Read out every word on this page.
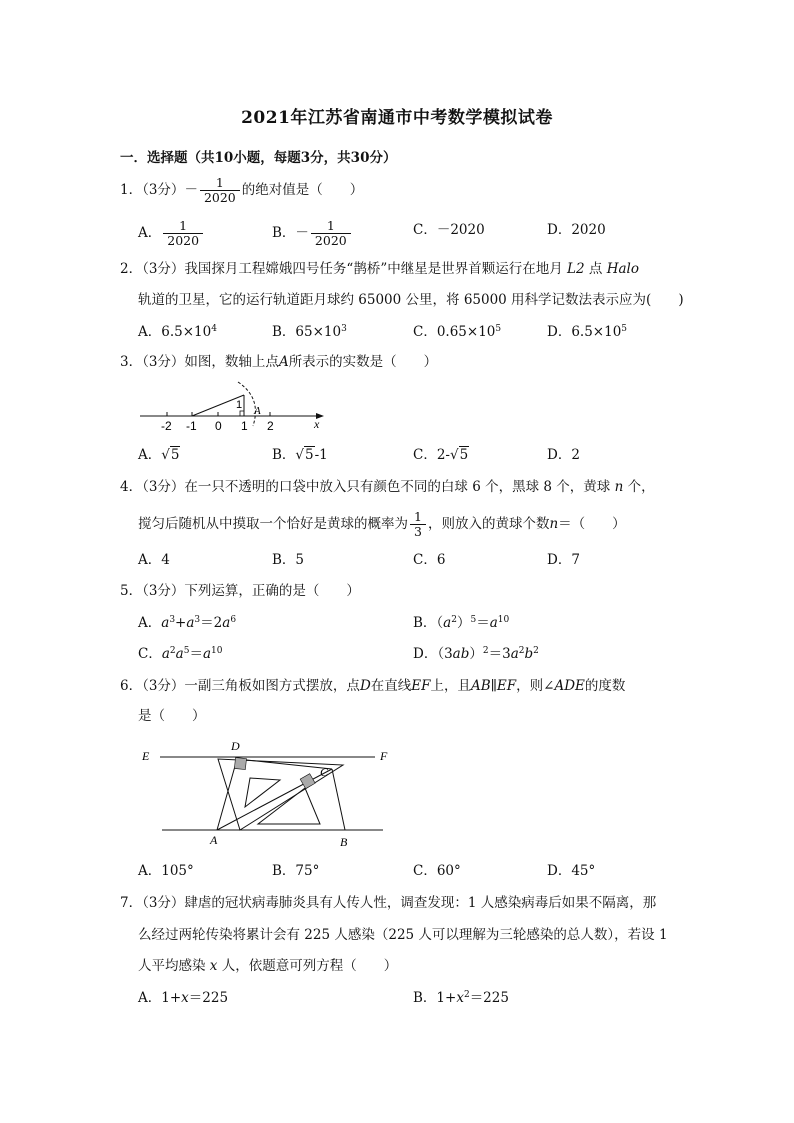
2021年江苏省南通市中考数学模拟试卷
一．选择题（共10小题，每题3分，共30分）
1．（3分）－ $\frac{1}{2020}$ 的绝对值是（　　）
A． $\frac{1}{2020}$	B．－ $\frac{1}{2020}$	C．－2020	D．2020
2．（3分）我国探月工程嫦娥四号任务“鹊桥”中继星是世界首颗运行在地月 L2 点 Halo
轨道的卫星，它的运行轨道距月球约 65000 公里，将 65000 用科学记数法表示应为(　　)
A．$6.5\times 10^4$	B．$65\times 10^3$	C．$0.65\times 10^5$	D．$6.5\times 10^5$
3．（3分）如图，数轴上点A所表示的实数是（　　）
-2 -1 0 1 2	x
1 A
A．√5	B．√5-1	C．2-√5	D．2
4．（3分）在一只不透明的口袋中放入只有颜色不同的白球 6 个，黑球 8 个，黄球 n 个，
搅匀后随机从中摸取一个恰好是黄球的概率为 $\frac{1}{3}$ ，则放入的黄球个数n＝（　　）
A．4	B．5	C．6	D．7
5．（3分）下列运算，正确的是（　　）
A．$a^3+a^3=2a^6$	B．$(a^2)^5=a^{10}$
C．$a^2a^5=a^{10}$	D．$(3ab)^2=3a^2b^2$
6．（3分）一副三角板如图方式摆放，点D在直线EF上，且AB∥EF，则∠ADE的度数
是（　　）
E	F
D
C
A	B
A．105°	B．75°	C．60°	D．45°
7．（3分）肆虐的冠状病毒肺炎具有人传人性，调查发现：1 人感染病毒后如果不隔离，那
么经过两轮传染将累计会有 225 人感染（225 人可以理解为三轮感染的总人数），若设 1
人平均感染 x 人，依题意可列方程（　　）
A．1+x＝225	B．$1+x^2=225$
